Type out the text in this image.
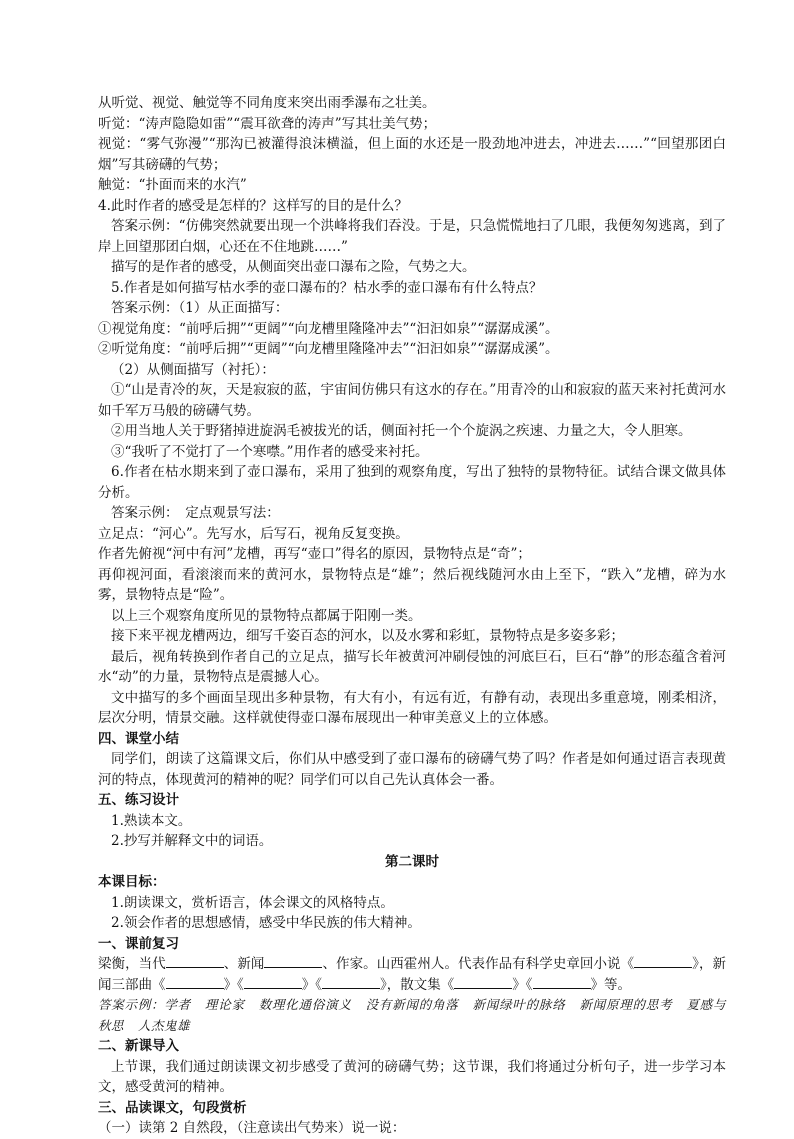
从听觉、视觉、触觉等不同角度来突出雨季瀑布之壮美。

听觉：“涛声隐隐如雷”“震耳欲聋的涛声”写其壮美气势；

视觉：“雾气弥漫”“那沟已被灌得浪沫横溢，但上面的水还是一股劲地冲进去，冲进去……”“回望那团白烟”写其磅礴的气势；

触觉：“扑面而来的水汽”

4.此时作者的感受是怎样的？这样写的目的是什么？

答案示例：“仿佛突然就要出现一个洪峰将我们吞没。于是，只急慌慌地扫了几眼，我便匆匆逃离，到了岸上回望那团白烟，心还在不住地跳……”

描写的是作者的感受，从侧面突出壶口瀑布之险，气势之大。

5.作者是如何描写枯水季的壶口瀑布的？枯水季的壶口瀑布有什么特点？

答案示例：（1）从正面描写：

①视觉角度：“前呼后拥”“更阔”“向龙槽里隆隆冲去”“汩汩如泉”“潺潺成溪”。

②听觉角度：“前呼后拥”“更阔”“向龙槽里隆隆冲去”“汩汩如泉”“潺潺成溪”。

（2）从侧面描写（衬托）：

①“山是青冷的灰，天是寂寂的蓝，宇宙间仿佛只有这水的存在。”用青冷的山和寂寂的蓝天来衬托黄河水如千军万马般的磅礴气势。

②用当地人关于野猪掉进旋涡毛被拔光的话，侧面衬托一个个旋涡之疾速、力量之大，令人胆寒。

③“我听了不觉打了一个寒噤。”用作者的感受来衬托。

6.作者在枯水期来到了壶口瀑布，采用了独到的观察角度，写出了独特的景物特征。试结合课文做具体分析。

答案示例：　定点观景写法：

立足点：“河心”。先写水，后写石，视角反复变换。

作者先俯视“河中有河”龙槽，再写“壶口”得名的原因，景物特点是“奇”；

再仰视河面，看滚滚而来的黄河水，景物特点是“雄”；然后视线随河水由上至下，“跌入”龙槽，碎为水雾，景物特点是“险”。

以上三个观察角度所见的景物特点都属于阳刚一类。

接下来平视龙槽两边，细写千姿百态的河水，以及水雾和彩虹，景物特点是多姿多彩；

最后，视角转换到作者自己的立足点，描写长年被黄河冲刷侵蚀的河底巨石，巨石“静”的形态蕴含着河水“动”的力量，景物特点是震撼人心。

文中描写的多个画面呈现出多种景物，有大有小，有远有近，有静有动，表现出多重意境，刚柔相济，层次分明，情景交融。这样就使得壶口瀑布展现出一种审美意义上的立体感。

四、课堂小结

同学们，朗读了这篇课文后，你们从中感受到了壶口瀑布的磅礴气势了吗？作者是如何通过语言表现黄河的特点，体现黄河的精神的呢？同学们可以自己先认真体会一番。

五、练习设计

1.熟读本文。

2.抄写并解释文中的词语。

第二课时

本课目标：

1.朗读课文，赏析语言，体会课文的风格特点。

2.领会作者的思想感情，感受中华民族的伟大精神。

一、课前复习

梁衡，当代	、新闻	、作家。山西霍州人。代表作品有科学史章回小说《	》，新闻三部曲《	》《	》《	》，散文集《	》《	》等。

答案示例：学者 理论家 数理化通俗演义 没有新闻的角落 新闻绿叶的脉络 新闻原理的思考 夏感与秋思 人杰鬼雄

二、新课导入

上节课，我们通过朗读课文初步感受了黄河的磅礴气势；这节课，我们将通过分析句子，进一步学习本文，感受黄河的精神。

三、品读课文，句段赏析

（一）读第 2 自然段，（注意读出气势来）说一说：
